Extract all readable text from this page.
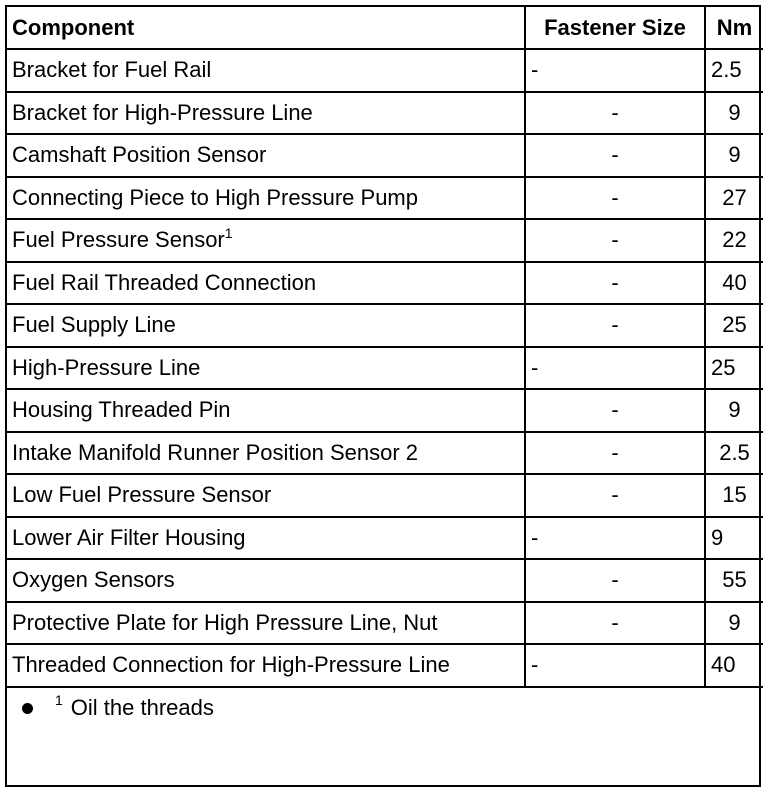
Component	Fastener Size	Nm
Bracket for Fuel Rail	-	2.5
Bracket for High-Pressure Line	-	9
Camshaft Position Sensor	-	9
Connecting Piece to High Pressure Pump	-	27
Fuel Pressure Sensor$^1$	-	22
Fuel Rail Threaded Connection	-	40
Fuel Supply Line	-	25
High-Pressure Line	-	25
Housing Threaded Pin	-	9
Intake Manifold Runner Position Sensor 2	-	2.5
Low Fuel Pressure Sensor	-	15
Lower Air Filter Housing	-	9
Oxygen Sensors	-	55
Protective Plate for High Pressure Line, Nut	-	9
Threaded Connection for High-Pressure Line	-	40
1 Oil the threads
